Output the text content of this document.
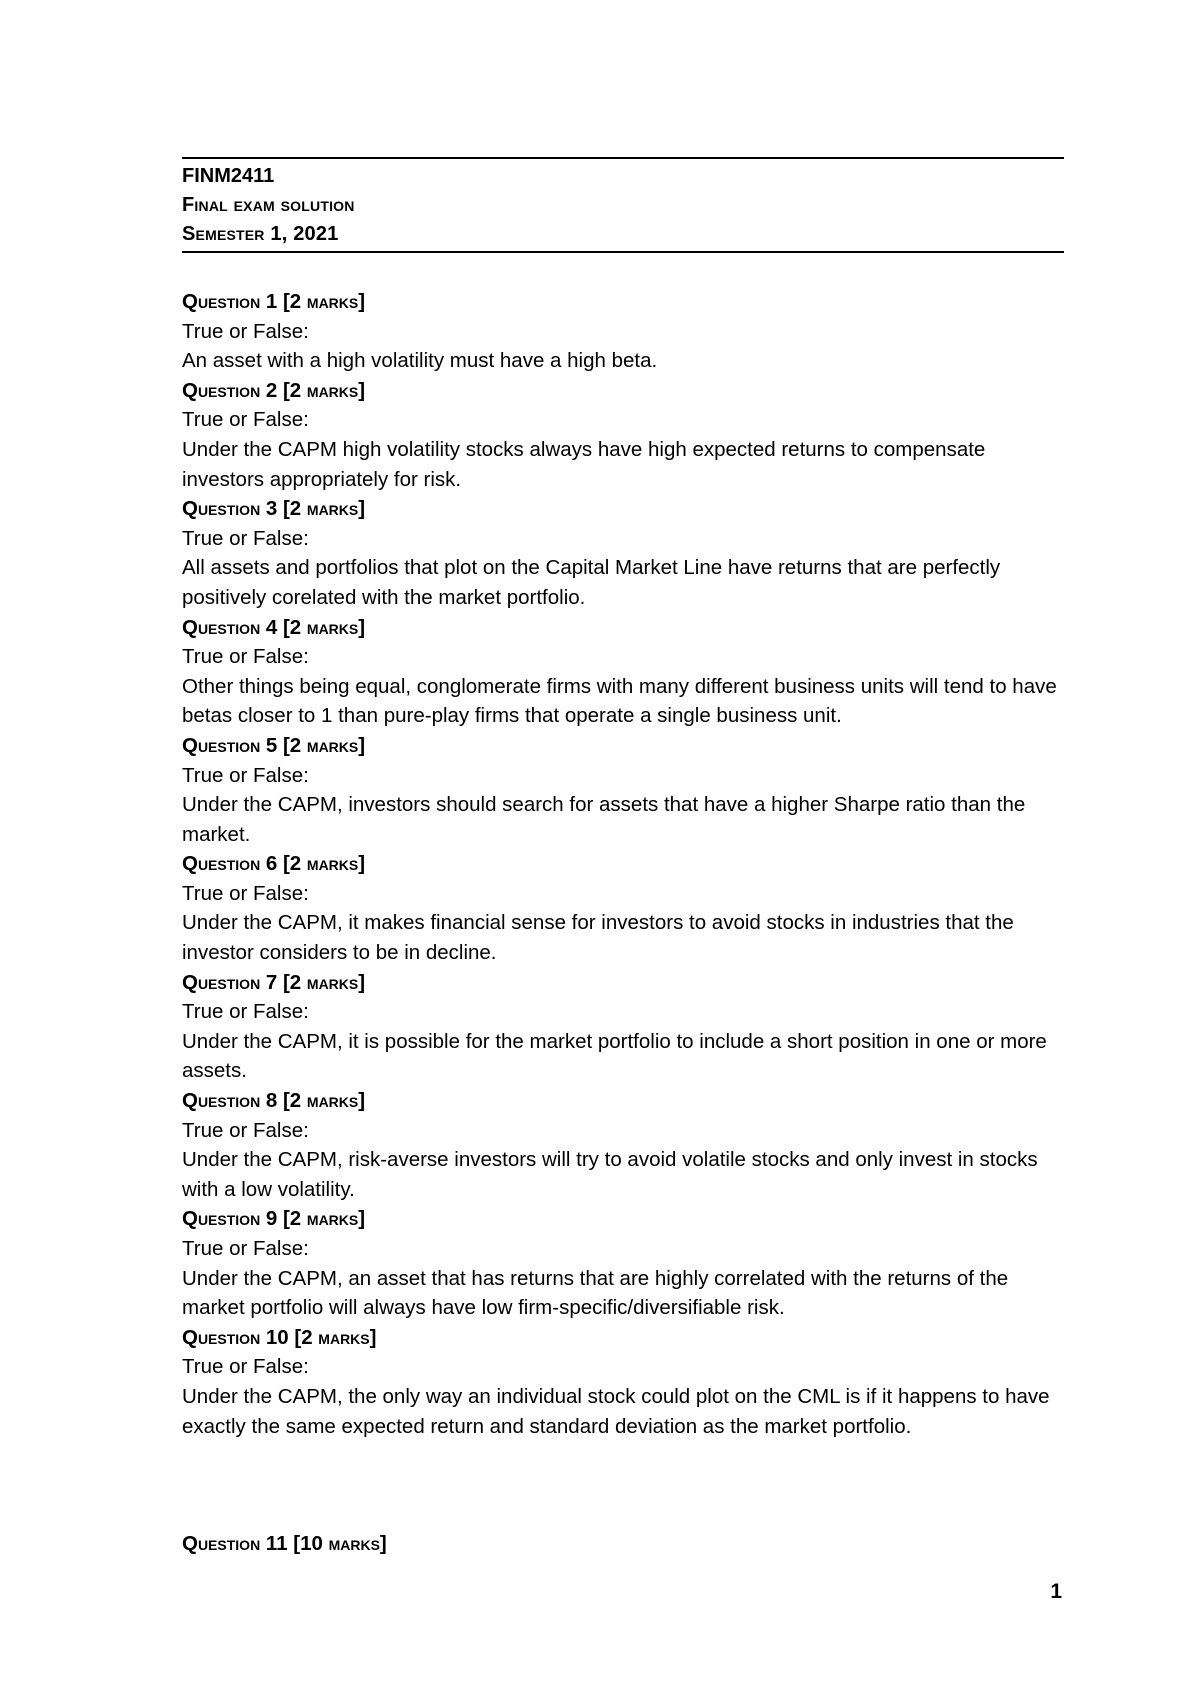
FINM2411
Final exam solution
Semester 1, 2021
Question 1 [2 marks]
True or False:
An asset with a high volatility must have a high beta.
Question 2 [2 marks]
True or False:
Under the CAPM high volatility stocks always have high expected returns to compensate investors appropriately for risk.
Question 3 [2 marks]
True or False:
All assets and portfolios that plot on the Capital Market Line have returns that are perfectly positively corelated with the market portfolio.
Question 4 [2 marks]
True or False:
Other things being equal, conglomerate firms with many different business units will tend to have betas closer to 1 than pure-play firms that operate a single business unit.
Question 5 [2 marks]
True or False:
Under the CAPM, investors should search for assets that have a higher Sharpe ratio than the market.
Question 6 [2 marks]
True or False:
Under the CAPM, it makes financial sense for investors to avoid stocks in industries that the investor considers to be in decline.
Question 7 [2 marks]
True or False:
Under the CAPM, it is possible for the market portfolio to include a short position in one or more assets.
Question 8 [2 marks]
True or False:
Under the CAPM, risk-averse investors will try to avoid volatile stocks and only invest in stocks with a low volatility.
Question 9 [2 marks]
True or False:
Under the CAPM, an asset that has returns that are highly correlated with the returns of the market portfolio will always have low firm-specific/diversifiable risk.
Question 10 [2 marks]
True or False:
Under the CAPM, the only way an individual stock could plot on the CML is if it happens to have exactly the same expected return and standard deviation as the market portfolio.
Question 11 [10 marks]
1
